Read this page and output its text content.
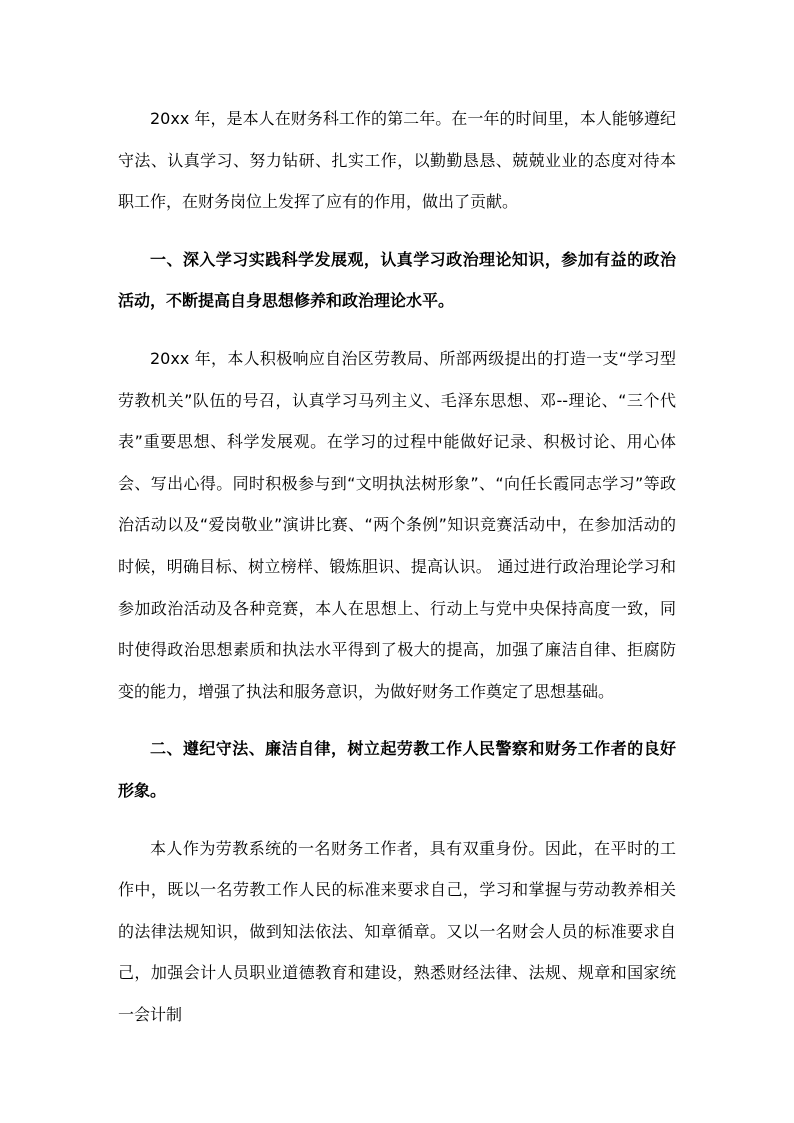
20xx 年，是本人在财务科工作的第二年。在一年的时间里，本人能够遵纪守法、认真学习、努力钻研、扎实工作，以勤勤恳恳、兢兢业业的态度对待本职工作，在财务岗位上发挥了应有的作用，做出了贡献。

一、深入学习实践科学发展观，认真学习政治理论知识，参加有益的政治活动，不断提高自身思想修养和政治理论水平。

20xx 年，本人积极响应自治区劳教局、所部两级提出的打造一支“学习型劳教机关”队伍的号召，认真学习马列主义、毛泽东思想、邓--理论、“三个代表”重要思想、科学发展观。在学习的过程中能做好记录、积极讨论、用心体会、写出心得。同时积极参与到“文明执法树形象”、“向任长霞同志学习”等政治活动以及“爱岗敬业”演讲比赛、“两个条例”知识竞赛活动中，在参加活动的时候，明确目标、树立榜样、锻炼胆识、提高认识。 通过进行政治理论学习和参加政治活动及各种竞赛，本人在思想上、行动上与党中央保持高度一致，同时使得政治思想素质和执法水平得到了极大的提高，加强了廉洁自律、拒腐防变的能力，增强了执法和服务意识，为做好财务工作奠定了思想基础。

二、遵纪守法、廉洁自律，树立起劳教工作人民警察和财务工作者的良好形象。

本人作为劳教系统的一名财务工作者，具有双重身份。因此，在平时的工作中，既以一名劳教工作人民的标准来要求自己，学习和掌握与劳动教养相关的法律法规知识，做到知法依法、知章循章。又以一名财会人员的标准要求自己，加强会计人员职业道德教育和建设，熟悉财经法律、法规、规章和国家统一会计制
